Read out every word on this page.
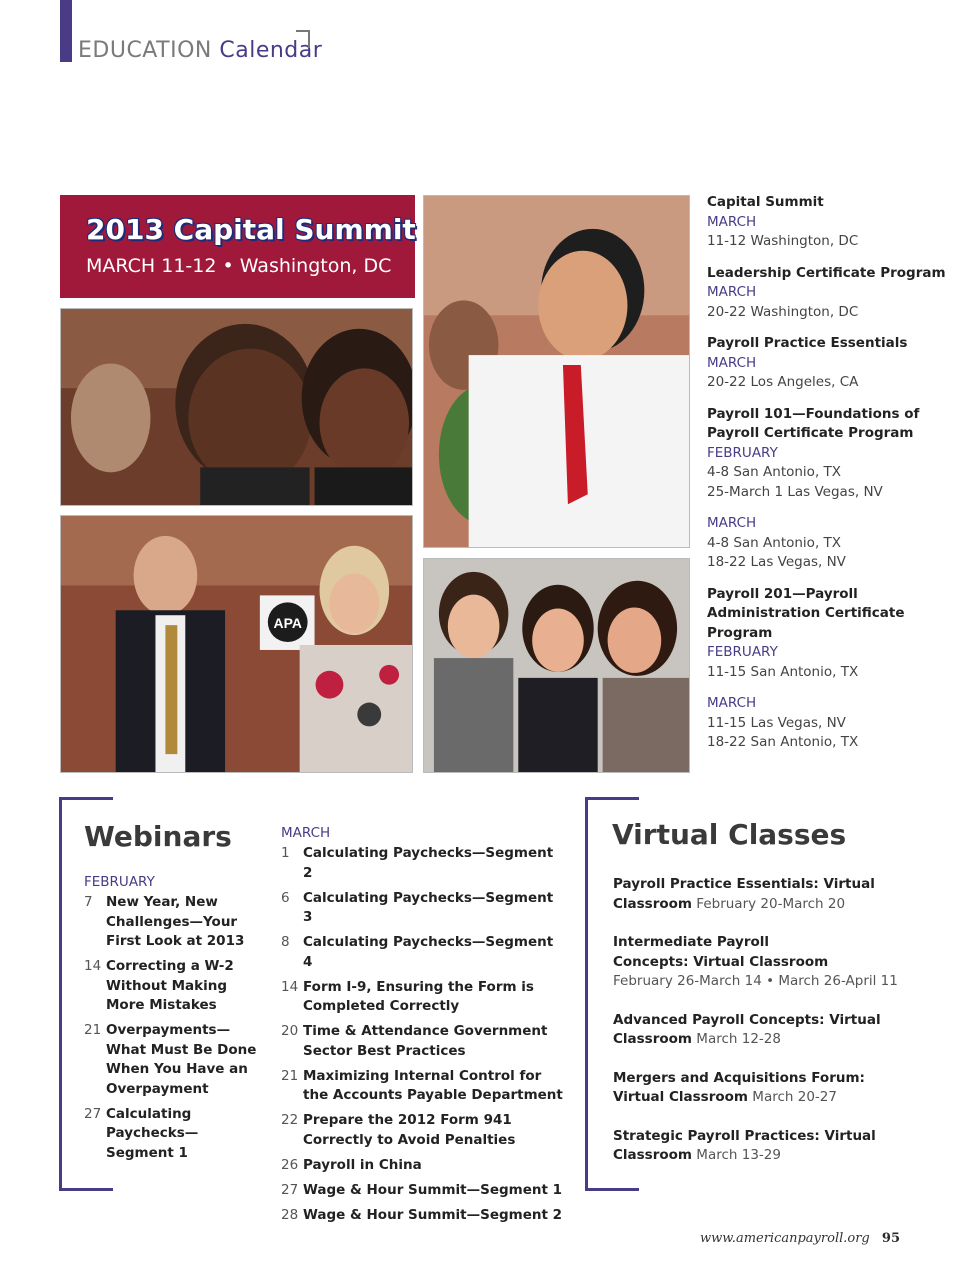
EDUCATION Calendar
2013 Capital Summit
MARCH 11-12 • Washington, DC
APA
Capital Summit
MARCH
11-12 Washington, DC
Leadership Certificate Program
MARCH
20-22 Washington, DC
Payroll Practice Essentials
MARCH
20-22 Los Angeles, CA
Payroll 101—Foundations of Payroll Certificate Program
FEBRUARY
4-8 San Antonio, TX
25-March 1 Las Vegas, NV
MARCH
4-8 San Antonio, TX
18-22 Las Vegas, NV
Payroll 201—Payroll Administration Certificate Program
FEBRUARY
11-15 San Antonio, TX
MARCH
11-15 Las Vegas, NV
18-22 San Antonio, TX
Webinars
FEBRUARY
7 New Year, New Challenges—Your First Look at 2013
14 Correcting a W-2 Without Making More Mistakes
21 Overpayments— What Must Be Done When You Have an Overpayment
27 Calculating Paychecks— Segment 1
MARCH
1 Calculating Paychecks—Segment 2
6 Calculating Paychecks—Segment 3
8 Calculating Paychecks—Segment 4
14 Form I-9, Ensuring the Form is Completed Correctly
20 Time & Attendance Government Sector Best Practices
21 Maximizing Internal Control for the Accounts Payable Department
22 Prepare the 2012 Form 941 Correctly to Avoid Penalties
26 Payroll in China
27 Wage & Hour Summit—Segment 1
28 Wage & Hour Summit—Segment 2
Virtual Classes
Payroll Practice Essentials: Virtual Classroom February 20-March 20
Intermediate Payroll Concepts: Virtual Classroom
February 26-March 14 • March 26-April 11
Advanced Payroll Concepts: Virtual Classroom March 12-28
Mergers and Acquisitions Forum: Virtual Classroom March 20-27
Strategic Payroll Practices: Virtual Classroom March 13-29
www.americanpayroll.org 95
